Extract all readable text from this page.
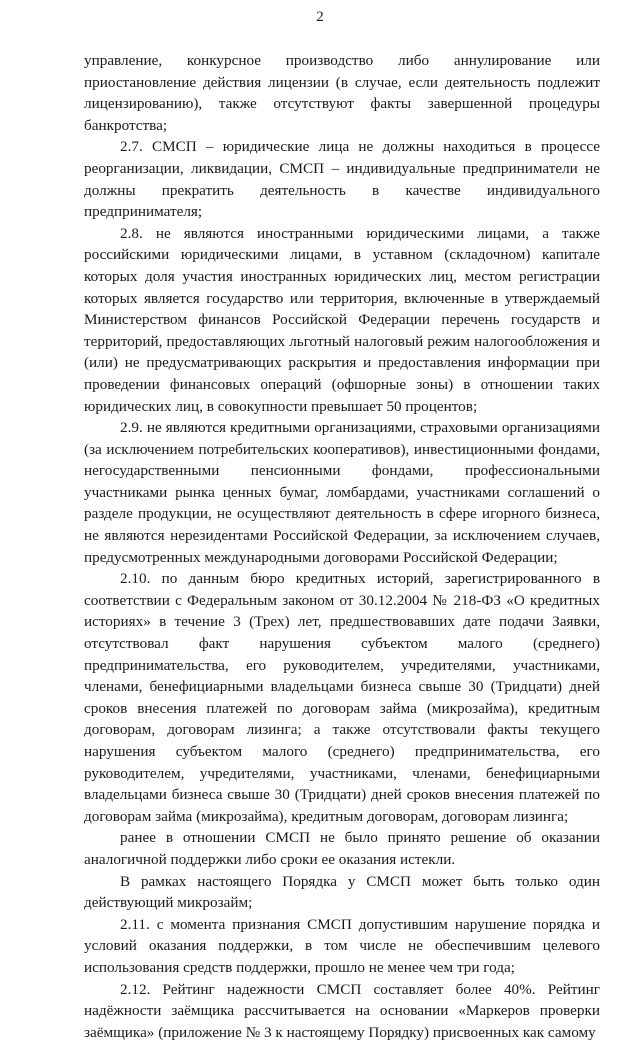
2

управление, конкурсное производство либо аннулирование или приостановление действия лицензии (в случае, если деятельность подлежит лицензированию), также отсутствуют факты завершенной процедуры банкротства;

2.7. СМСП – юридические лица не должны находиться в процессе реорганизации, ликвидации, СМСП – индивидуальные предприниматели не должны прекратить деятельность в качестве индивидуального предпринимателя;

2.8. не являются иностранными юридическими лицами, а также российскими юридическими лицами, в уставном (складочном) капитале которых доля участия иностранных юридических лиц, местом регистрации которых является государство или территория, включенные в утверждаемый Министерством финансов Российской Федерации перечень государств и территорий, предоставляющих льготный налоговый режим налогообложения и (или) не предусматривающих раскрытия и предоставления информации при проведении финансовых операций (офшорные зоны) в отношении таких юридических лиц, в совокупности превышает 50 процентов;

2.9. не являются кредитными организациями, страховыми организациями (за исключением потребительских кооперативов), инвестиционными фондами, негосударственными пенсионными фондами, профессиональными участниками рынка ценных бумаг, ломбардами, участниками соглашений о разделе продукции, не осуществляют деятельность в сфере игорного бизнеса, не являются нерезидентами Российской Федерации, за исключением случаев, предусмотренных международными договорами Российской Федерации;

2.10. по данным бюро кредитных историй, зарегистрированного в соответствии с Федеральным законом от 30.12.2004 № 218-ФЗ «О кредитных историях» в течение 3 (Трех) лет, предшествовавших дате подачи Заявки, отсутствовал факт нарушения субъектом малого (среднего) предпринимательства, его руководителем, учредителями, участниками, членами, бенефициарными владельцами бизнеса свыше 30 (Тридцати) дней сроков внесения платежей по договорам займа (микрозайма), кредитным договорам, договорам лизинга; а также отсутствовали факты текущего нарушения субъектом малого (среднего) предпринимательства, его руководителем, учредителями, участниками, членами, бенефициарными владельцами бизнеса свыше 30 (Тридцати) дней сроков внесения платежей по договорам займа (микрозайма), кредитным договорам, договорам лизинга;

ранее в отношении СМСП не было принято решение об оказании аналогичной поддержки либо сроки ее оказания истекли.

В рамках настоящего Порядка у СМСП может быть только один действующий микрозайм;

2.11. с момента признания СМСП допустившим нарушение порядка и условий оказания поддержки, в том числе не обеспечившим целевого использования средств поддержки, прошло не менее чем три года;

2.12. Рейтинг надежности СМСП составляет более 40%. Рейтинг надёжности заёмщика рассчитывается на основании «Маркеров проверки заёмщика» (приложение № 3 к настоящему Порядку) присвоенных как самому
